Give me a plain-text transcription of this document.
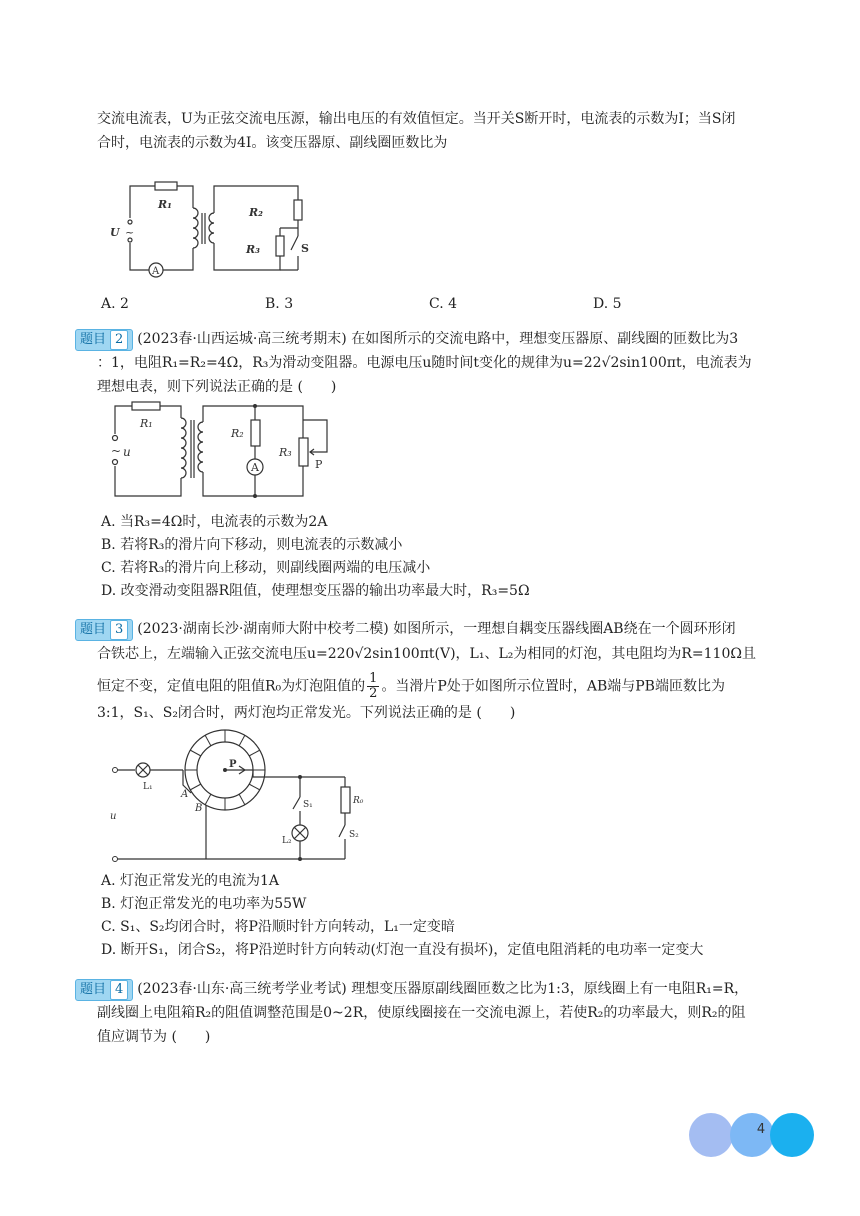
交流电流表，U为正弦交流电压源，输出电压的有效值恒定。当开关S断开时，电流表的示数为I；当S闭
合时，电流表的示数为4I。该变压器原、副线圈匝数比为
R₁
U ~
A
R₂
R₃	S
A. 2	B. 3	C. 4	D. 5
题目 2 (2023春·山西运城·高三统考期末) 在如图所示的交流电路中，理想变压器原、副线圈的匝数比为3
：1，电阻R₁=R₂=4Ω，R₃为滑动变阻器。电源电压u随时间t变化的规律为u=22√2sin100πt，电流表为
理想电表，则下列说法正确的是 (　　)
R₁
~ u
R₂
A
R₃
P
A. 当R₃=4Ω时，电流表的示数为2A
B. 若将R₃的滑片向下移动，则电流表的示数减小
C. 若将R₃的滑片向上移动，则副线圈两端的电压减小
D. 改变滑动变阻器R阻值，使理想变压器的输出功率最大时，R₃=5Ω
题目 3 (2023·湖南长沙·湖南师大附中校考二模) 如图所示，一理想自耦变压器线圈AB绕在一个圆环形闭
合铁芯上，左端输入正弦交流电压u=220√2sin100πt(V)，L₁、L₂为相同的灯泡，其电阻均为R=110Ω且
恒定不变，定值电阻的阻值R₀为灯泡阻值的 $\frac{1}{2}$ 。当滑片P处于如图所示位置时，AB端与PB端匝数比为
3:1，S₁、S₂闭合时，两灯泡均正常发光。下列说法正确的是 (　　)
L₁
A
B
P
u
S₁
L₂
R₀
S₂
A. 灯泡正常发光的电流为1A
B. 灯泡正常发光的电功率为55W
C. S₁、S₂均闭合时，将P沿顺时针方向转动，L₁一定变暗
D. 断开S₁，闭合S₂，将P沿逆时针方向转动(灯泡一直没有损坏)，定值电阻消耗的电功率一定变大
题目 4 (2023春·山东·高三统考学业考试) 理想变压器原副线圈匝数之比为1:3，原线圈上有一电阻R₁=R，
副线圈上电阻箱R₂的阻值调整范围是0~2R，使原线圈接在一交流电源上，若使R₂的功率最大，则R₂的阻
值应调节为 (　　)
4
